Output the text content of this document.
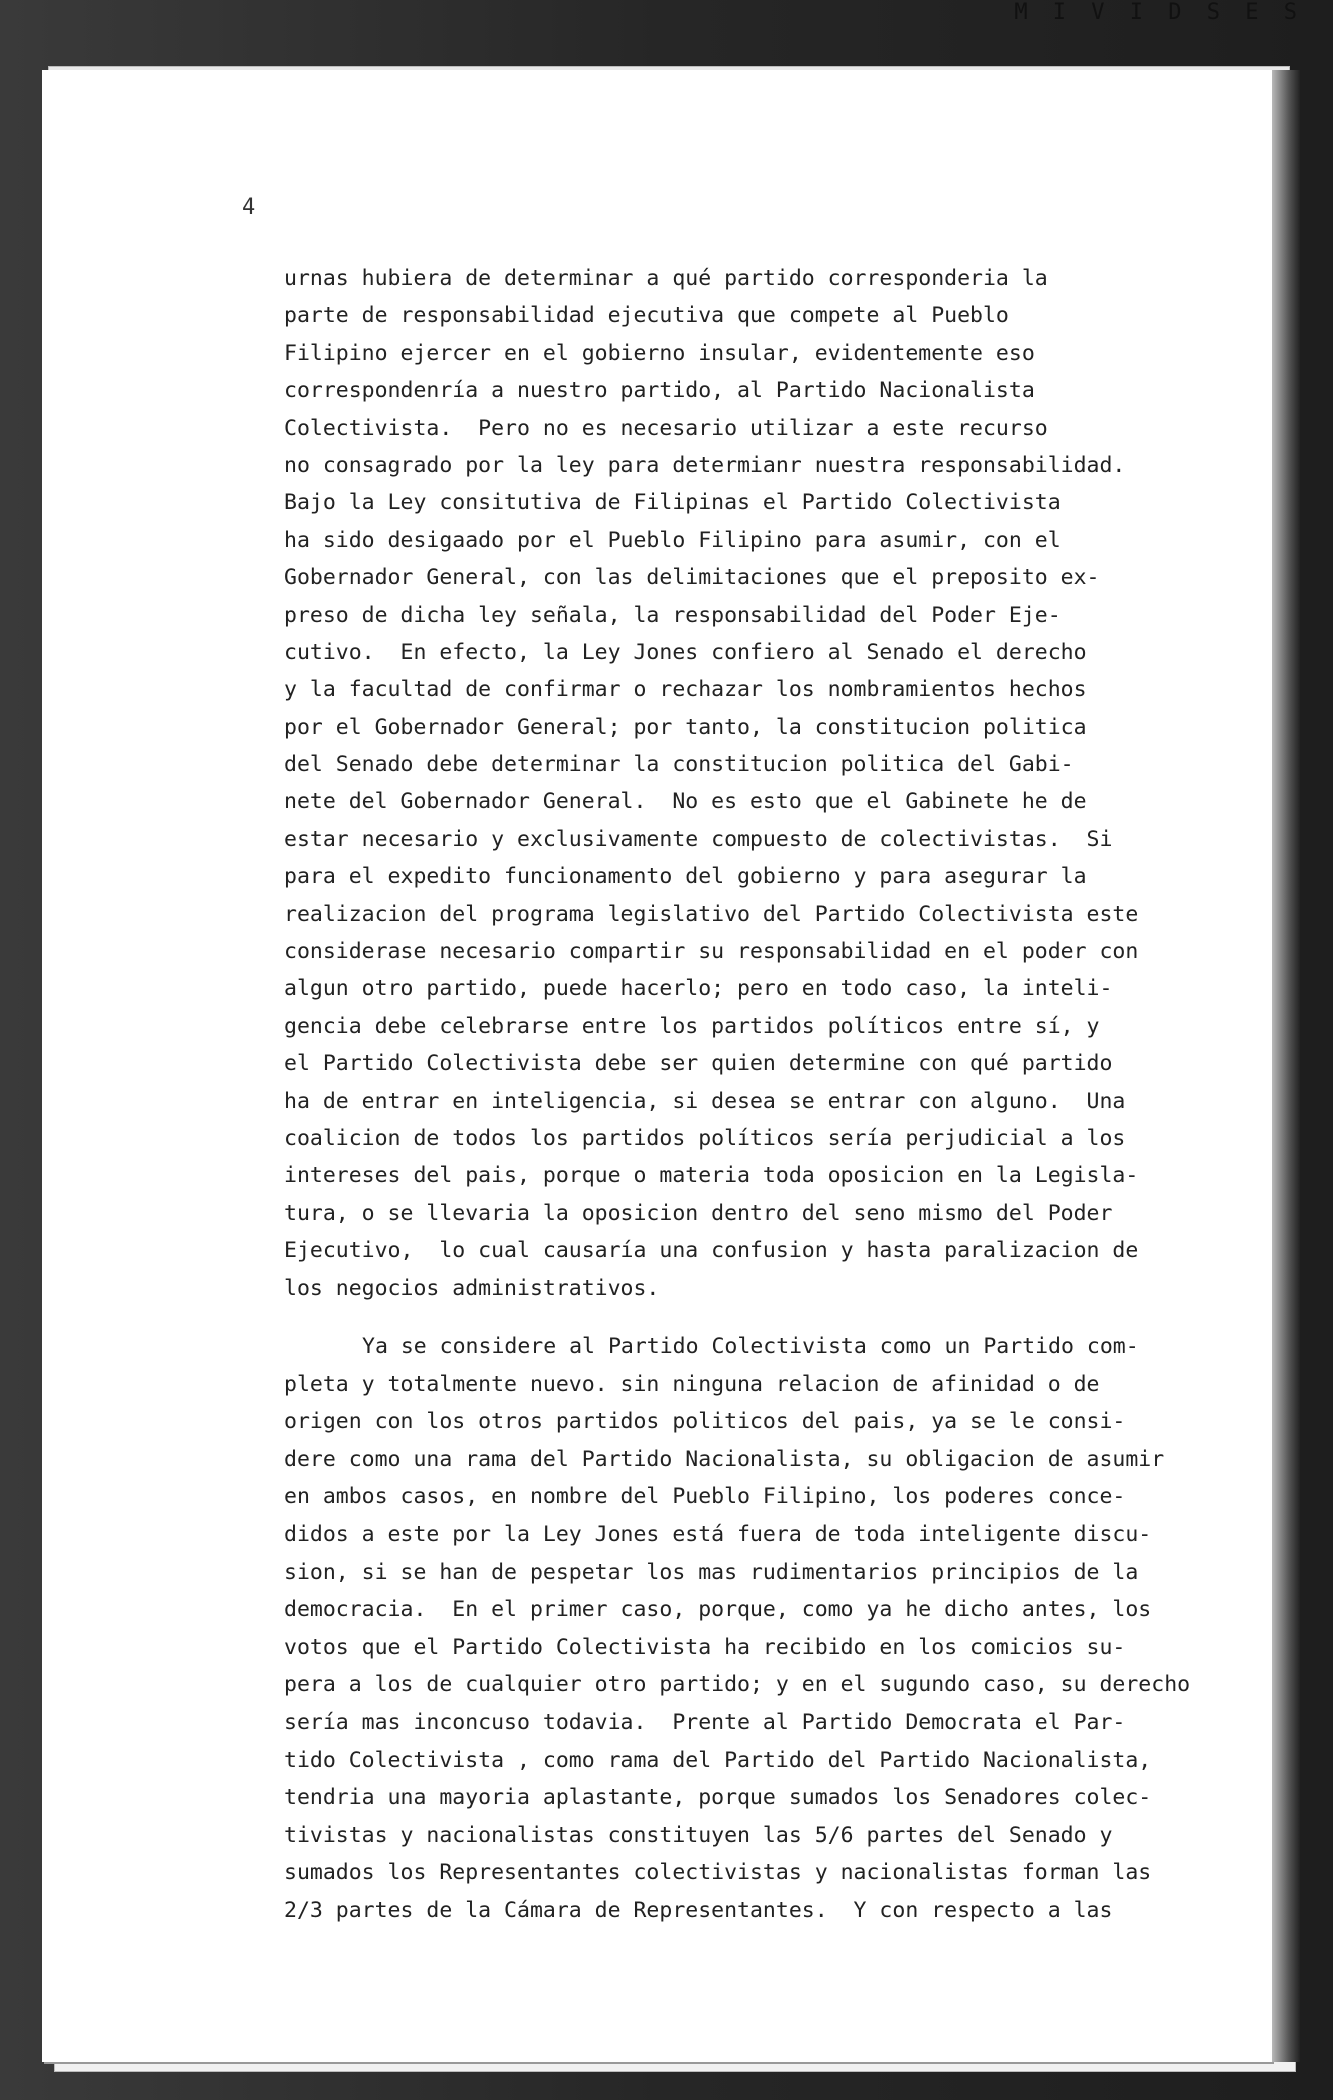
M I V I D S E S
4
urnas hubiera de determinar a qué partido corresponderia la
parte de responsabilidad ejecutiva que compete al Pueblo
Filipino ejercer en el gobierno insular, evidentemente eso
correspondenría a nuestro partido, al Partido Nacionalista
Colectivista.  Pero no es necesario utilizar a este recurso
no consagrado por la ley para determianr nuestra responsabilidad.
Bajo la Ley consitutiva de Filipinas el Partido Colectivista
ha sido desigaado por el Pueblo Filipino para asumir, con el
Gobernador General, con las delimitaciones que el preposito ex-
preso de dicha ley señala, la responsabilidad del Poder Eje-
cutivo.  En efecto, la Ley Jones confiero al Senado el derecho
y la facultad de confirmar o rechazar los nombramientos hechos
por el Gobernador General; por tanto, la constitucion politica
del Senado debe determinar la constitucion politica del Gabi-
nete del Gobernador General.  No es esto que el Gabinete he de
estar necesario y exclusivamente compuesto de colectivistas.  Si
para el expedito funcionamento del gobierno y para asegurar la
realizacion del programa legislativo del Partido Colectivista este
considerase necesario compartir su responsabilidad en el poder con
algun otro partido, puede hacerlo; pero en todo caso, la inteli-
gencia debe celebrarse entre los partidos políticos entre sí, y
el Partido Colectivista debe ser quien determine con qué partido
ha de entrar en inteligencia, si desea se entrar con alguno.  Una
coalicion de todos los partidos políticos sería perjudicial a los
intereses del pais, porque o materia toda oposicion en la Legisla-
tura, o se llevaria la oposicion dentro del seno mismo del Poder
Ejecutivo,  lo cual causaría una confusion y hasta paralizacion de
los negocios administrativos.
Ya se considere al Partido Colectivista como un Partido com-
pleta y totalmente nuevo. sin ninguna relacion de afinidad o de
origen con los otros partidos politicos del pais, ya se le consi-
dere como una rama del Partido Nacionalista, su obligacion de asumir
en ambos casos, en nombre del Pueblo Filipino, los poderes conce-
didos a este por la Ley Jones está fuera de toda inteligente discu-
sion, si se han de pespetar los mas rudimentarios principios de la
democracia.  En el primer caso, porque, como ya he dicho antes, los
votos que el Partido Colectivista ha recibido en los comicios su-
pera a los de cualquier otro partido; y en el sugundo caso, su derecho
sería mas inconcuso todavia.  Prente al Partido Democrata el Par-
tido Colectivista , como rama del Partido del Partido Nacionalista,
tendria una mayoria aplastante, porque sumados los Senadores colec-
tivistas y nacionalistas constituyen las 5/6 partes del Senado y
sumados los Representantes colectivistas y nacionalistas forman las
2/3 partes de la Cámara de Representantes.  Y con respecto a las
